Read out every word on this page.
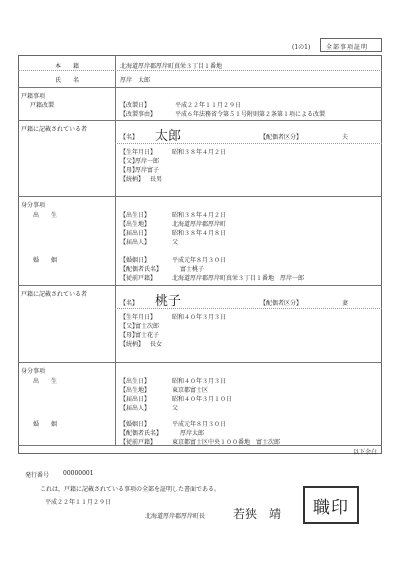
(1の1)	全部事項証明
本　　籍	北海道厚岸郡厚岸町真栄３丁目１番地
氏　　名	厚岸　太郎
戸籍事項
戸籍改製	【改製日】	平成２２年１１月２９日
【改製事由】	平成６年法務省令第５１号附則第２条第１項による改製
戸籍に記載されている者
【名】 太郎	【配偶者区分】	夫
【生年月日】	昭和３８年４月２日
【父】
厚岸一郎
【母】
厚岸富子
【続柄】 長男
身分事項
出　　生	【出生日】	昭和３８年４月２日
【出生地】	北海道厚岸郡厚岸町
【届出日】	昭和３８年４月８日
【届出人】	父
婚　　姻	【婚姻日】	平成元年８月３０日
【配偶者氏名】	富士桃子
【従前戸籍】	北海道厚岸郡厚岸町真栄３丁目１番地　厚岸一郎
戸籍に記載されている者
【名】 桃子	【配偶者区分】	妻
【生年月日】	昭和４０年３月３日
【父】
富士次郎
【母】
富士花子
【続柄】 長女
身分事項
出　　生	【出生日】	昭和４０年３月３日
【出生地】	東京都富士区
【届出日】	昭和４０年３月１０日
【届出人】	父
婚　　姻	【婚姻日】	平成元年８月３０日
【配偶者氏名】	厚岸太郎
【従前戸籍】	東京都富士区中央１００番地　富士次郎
以下余白
発行番号 00000001
これは，戸籍に記載されている事項の全部を証明した書面である。
平成２２年１１月２９日
北海道厚岸郡厚岸町長 若狭　靖 職印
